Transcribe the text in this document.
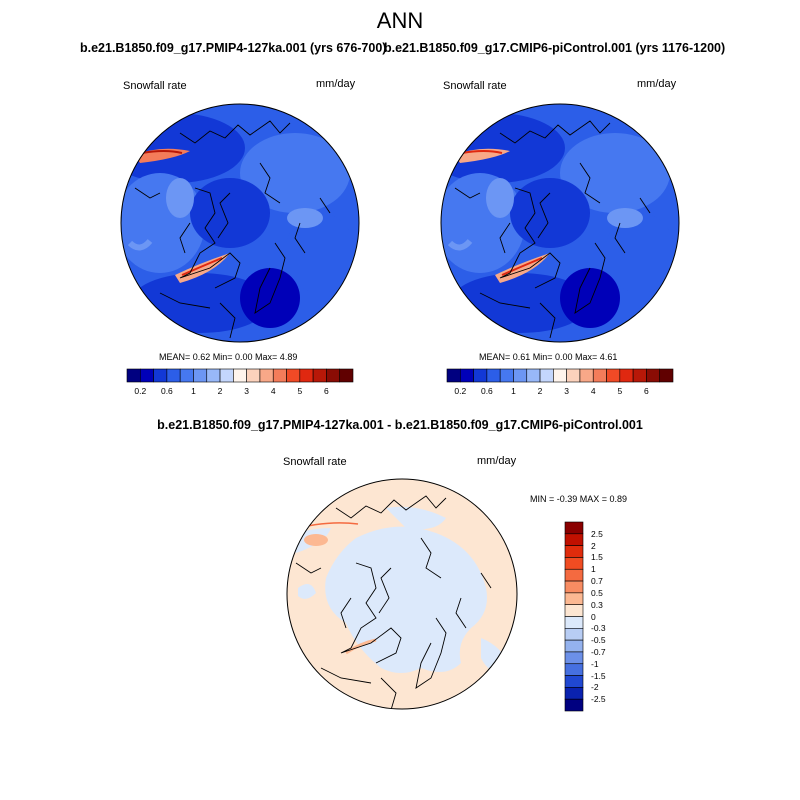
ANN
b.e21.B1850.f09_g17.PMIP4-127ka.001 (yrs 676-700)
b.e21.B1850.f09_g17.CMIP6-piControl.001 (yrs 1176-1200)
b.e21.B1850.f09_g17.PMIP4-127ka.001 - b.e21.B1850.f09_g17.CMIP6-piControl.001
Snowfall rate	mm/day	Snowfall rate	mm/day
Snowfall rate	mm/day
MEAN= 0.62 Min= 0.00 Max= 4.89	MEAN= 0.61 Min= 0.00 Max= 4.61
0.2 0.6 1	2	3	4	5	6	0.2 0.6 1	2	3	4	5	6
MIN = -0.39 MAX = 0.89
2.5
2
1.5
1
0.7
0.5
0.3
0
-0.3
-0.5
-0.7
-1
-1.5
-2
-2.5
